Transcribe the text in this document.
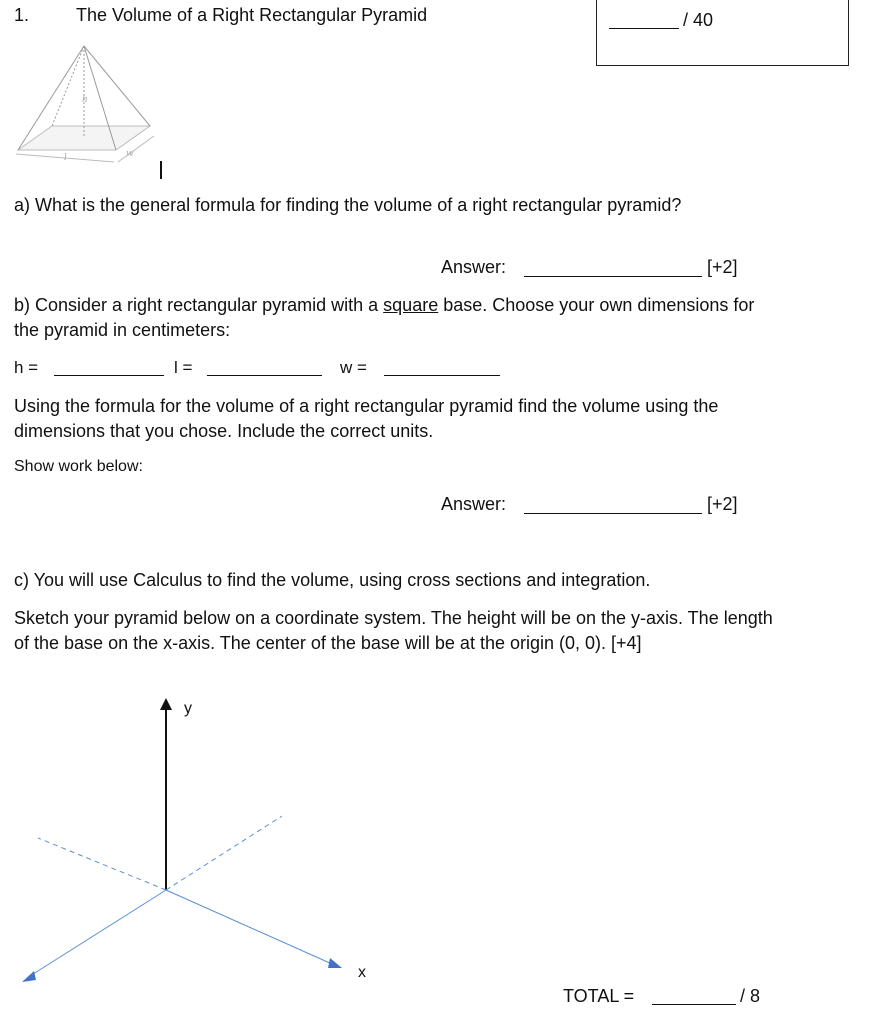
1.	The Volume of a Right Rectangular Pyramid	/ 40
h
l	w
a) What is the general formula for finding the volume of a right rectangular pyramid?
Answer:	[+2]
b) Consider a right rectangular pyramid with a square base. Choose your own dimensions for the pyramid in centimeters:
h =	l =	w =
Using the formula for the volume of a right rectangular pyramid find the volume using the dimensions that you chose. Include the correct units.
Show work below:
Answer:	[+2]
c) You will use Calculus to find the volume, using cross sections and integration.
Sketch your pyramid below on a coordinate system. The height will be on the y-axis. The length of the base on the x-axis. The center of the base will be at the origin (0, 0). [+4]
y
x
TOTAL =	/ 8
